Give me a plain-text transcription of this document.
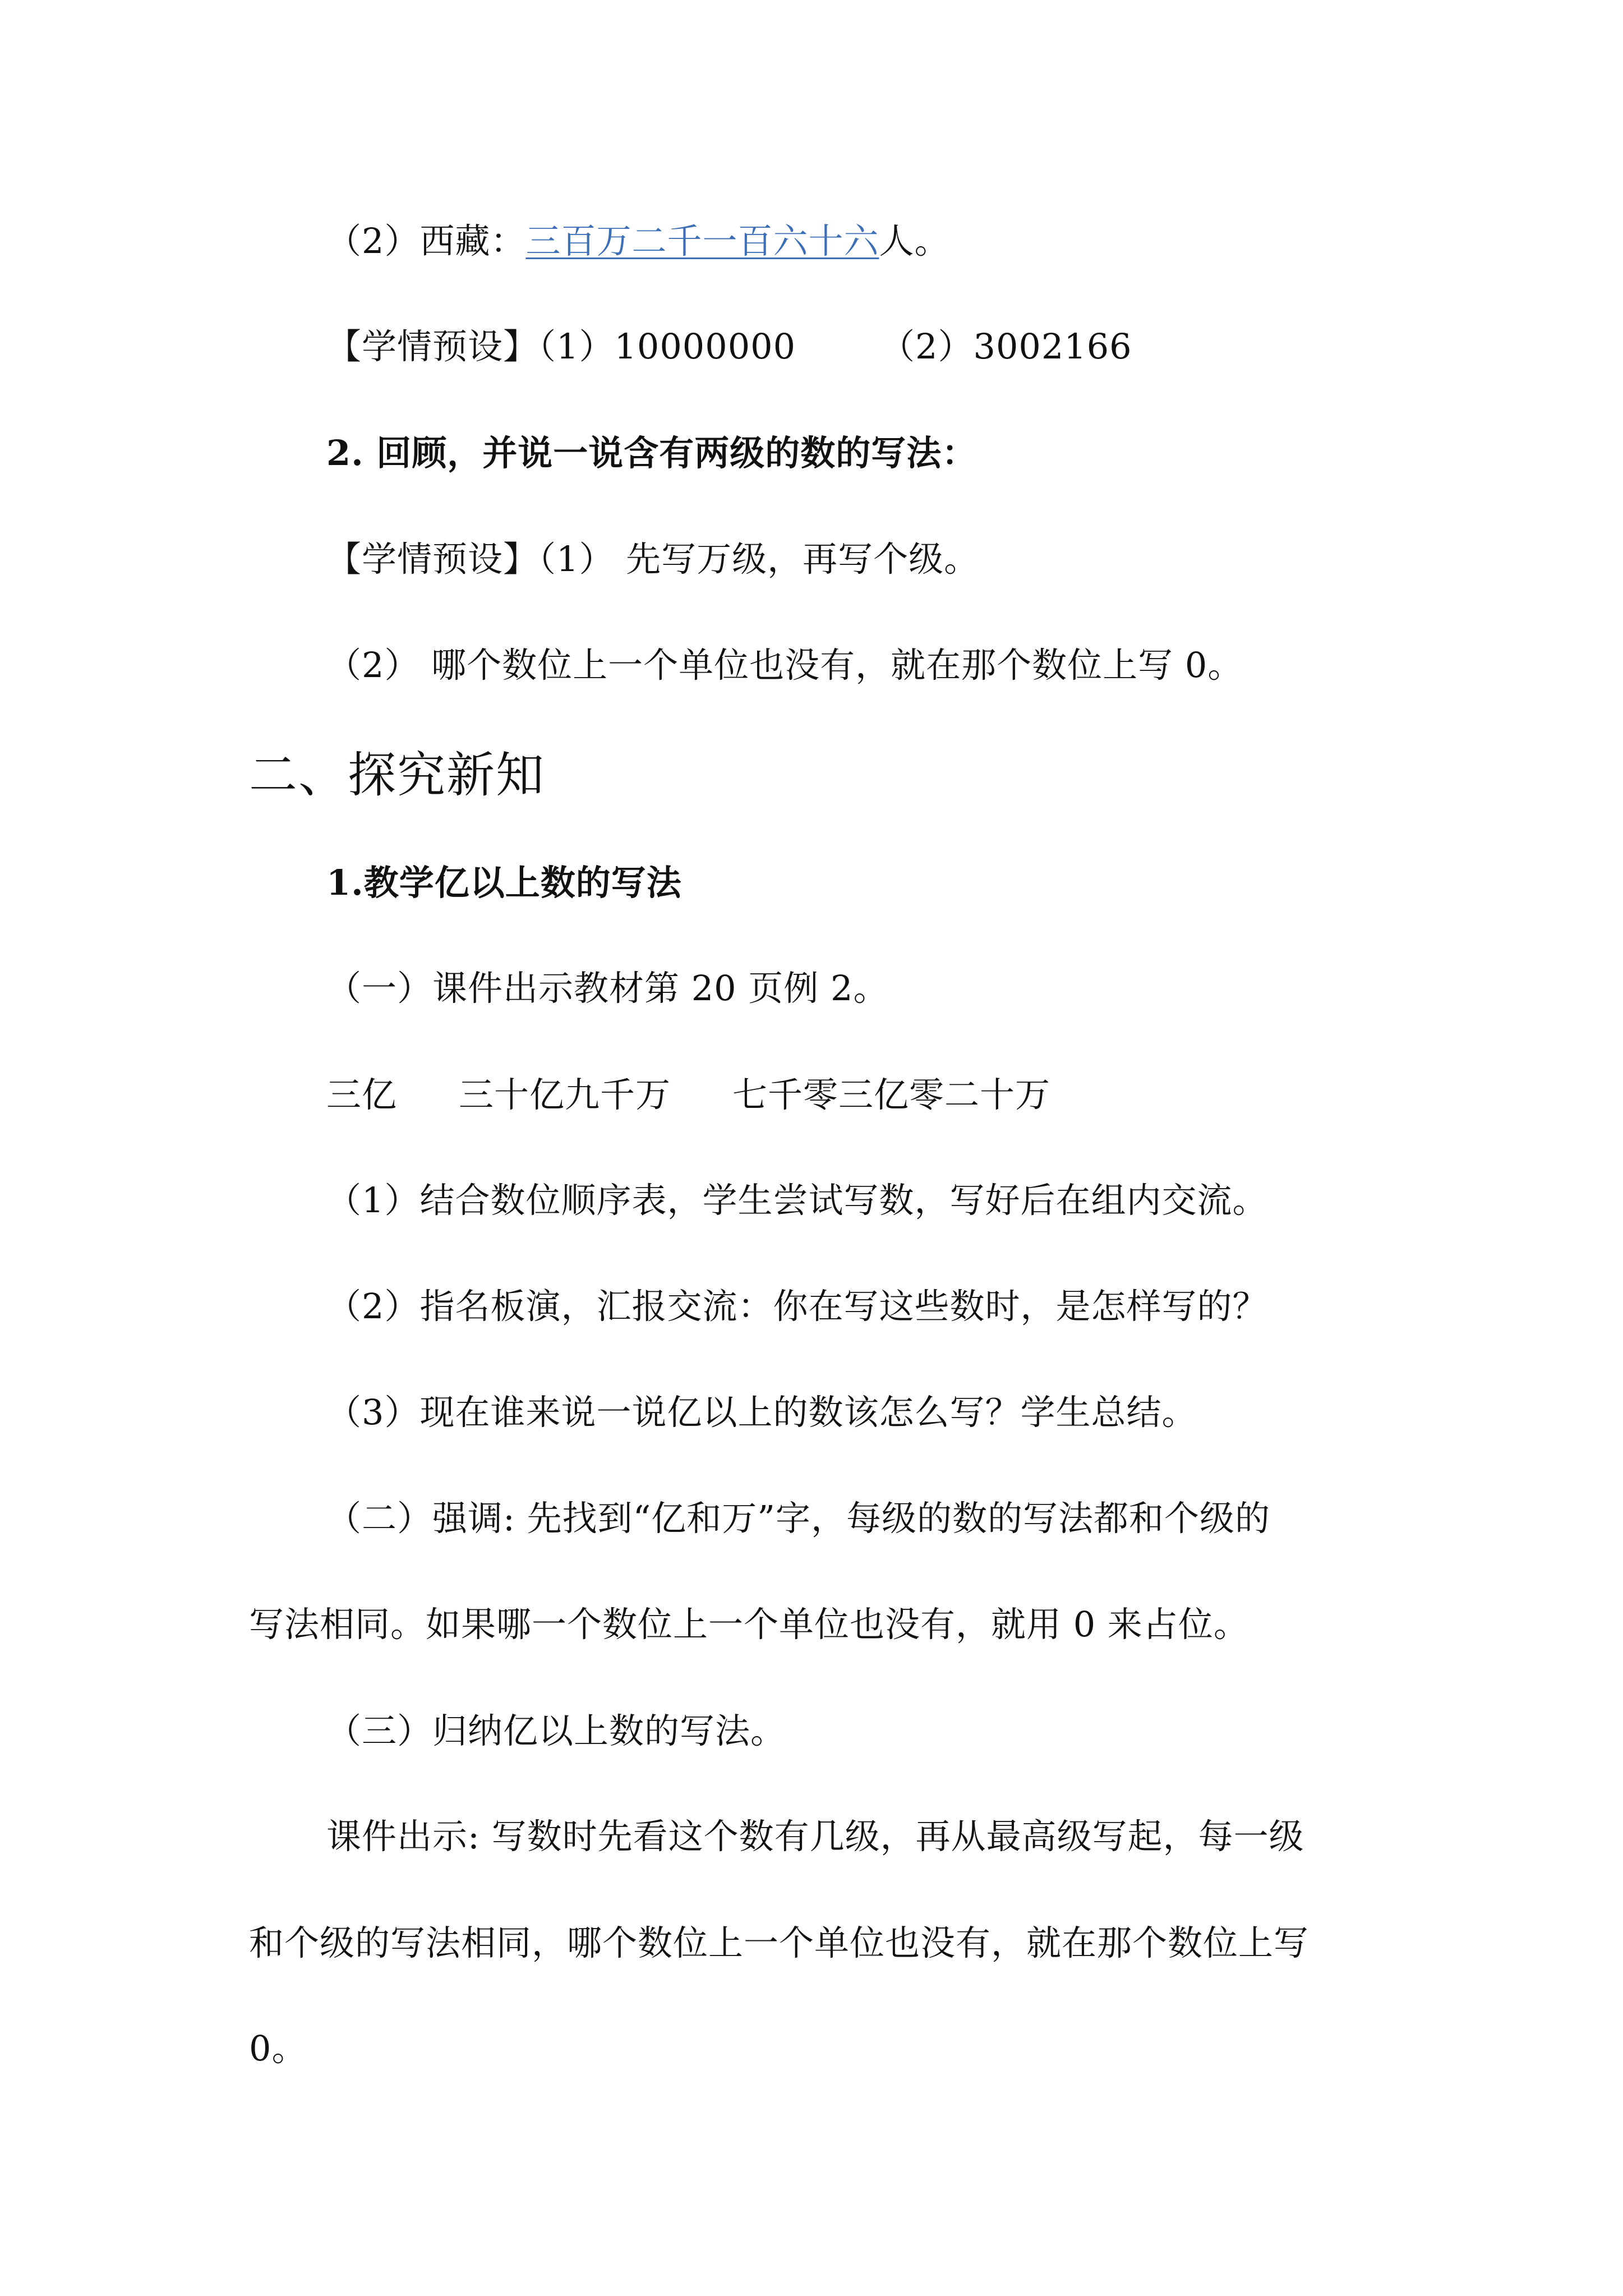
（2）西藏：三百万二千一百六十六人。
【学情预设】（1）10000000 （2）3002166
2. 回顾，并说一说含有两级的数的写法：
【学情预设】（1） 先写万级，再写个级。
（2） 哪个数位上一个单位也没有，就在那个数位上写 0。
二、探究新知
1.教学亿以上数的写法
（一）课件出示教材第 20 页例 2。
三亿 三十亿九千万 七千零三亿零二十万
（1）结合数位顺序表，学生尝试写数，写好后在组内交流。
（2）指名板演，汇报交流：你在写这些数时，是怎样写的？
（3）现在谁来说一说亿以上的数该怎么写？学生总结。
（二）强调: 先找到“亿和万”字，每级的数的写法都和个级的
写法相同。如果哪一个数位上一个单位也没有，就用 0 来占位。
（三）归纳亿以上数的写法。
课件出示: 写数时先看这个数有几级，再从最高级写起，每一级
和个级的写法相同，哪个数位上一个单位也没有，就在那个数位上写
0。
